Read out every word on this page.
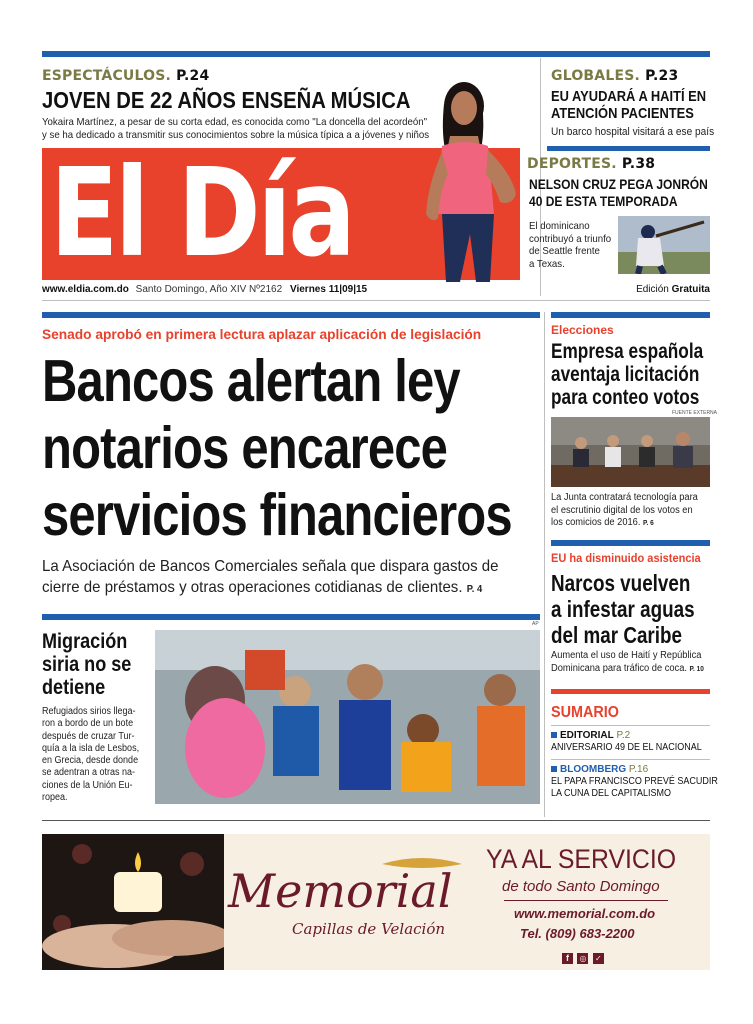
ESPECTÁCULOS. P.24
JOVEN DE 22 AÑOS ENSEÑA MÚSICA
Yokaira Martínez, a pesar de su corta edad, es conocida como "La doncella del acordeón"
y se ha dedicado a transmitir sus conocimientos sobre la música típica a a jóvenes y niños
El Día
GLOBALES. P.23
EU AYUDARÁ A HAITÍ EN
ATENCIÓN PACIENTES
Un barco hospital visitará a ese país
DEPORTES. P.38
NELSON CRUZ PEGA JONRÓN
40 DE ESTA TEMPORADA
El dominicano
contribuyó a triunfo
de Seattle frente
a Texas.
www.eldia.com.do Santo Domingo, Año XIV Nº2162 Viernes 11|09|15	Edición Gratuita
Senado aprobó en primera lectura aplazar aplicación de legislación
Bancos alertan ley
notarios encarece
servicios financieros
La Asociación de Bancos Comerciales señala que dispara gastos de
cierre de préstamos y otras operaciones cotidianas de clientes. P. 4
Elecciones
Empresa española
aventaja licitación
para conteo votos
FUENTE EXTERNA
La Junta contratará tecnología para
el escrutinio digital de los votos en
los comicios de 2016. P. 6
EU ha disminuido asistencia
Narcos vuelven
a infestar aguas
del mar Caribe
Aumenta el uso de Haití y República
Dominicana para tráfico de coca. P. 10
SUMARIO
EDITORIAL P.2
ANIVERSARIO 49 DE EL NACIONAL
BLOOMBERG P.16
EL PAPA FRANCISCO PREVÉ SACUDIR
LA CUNA DEL CAPITALISMO
AP
Migración
siria no se
detiene
Refugiados sirios llega-
ron a bordo de un bote
después de cruzar Tur-
quía a la isla de Lesbos,
en Grecia, desde donde
se adentran a otras na-
ciones de la Unión Eu-
ropea.
Memorial
Capillas de Velación
YA AL SERVICIO
de todo Santo Domingo
www.memorial.com.do
Tel. (809) 683-2200
f ◎ ✓
